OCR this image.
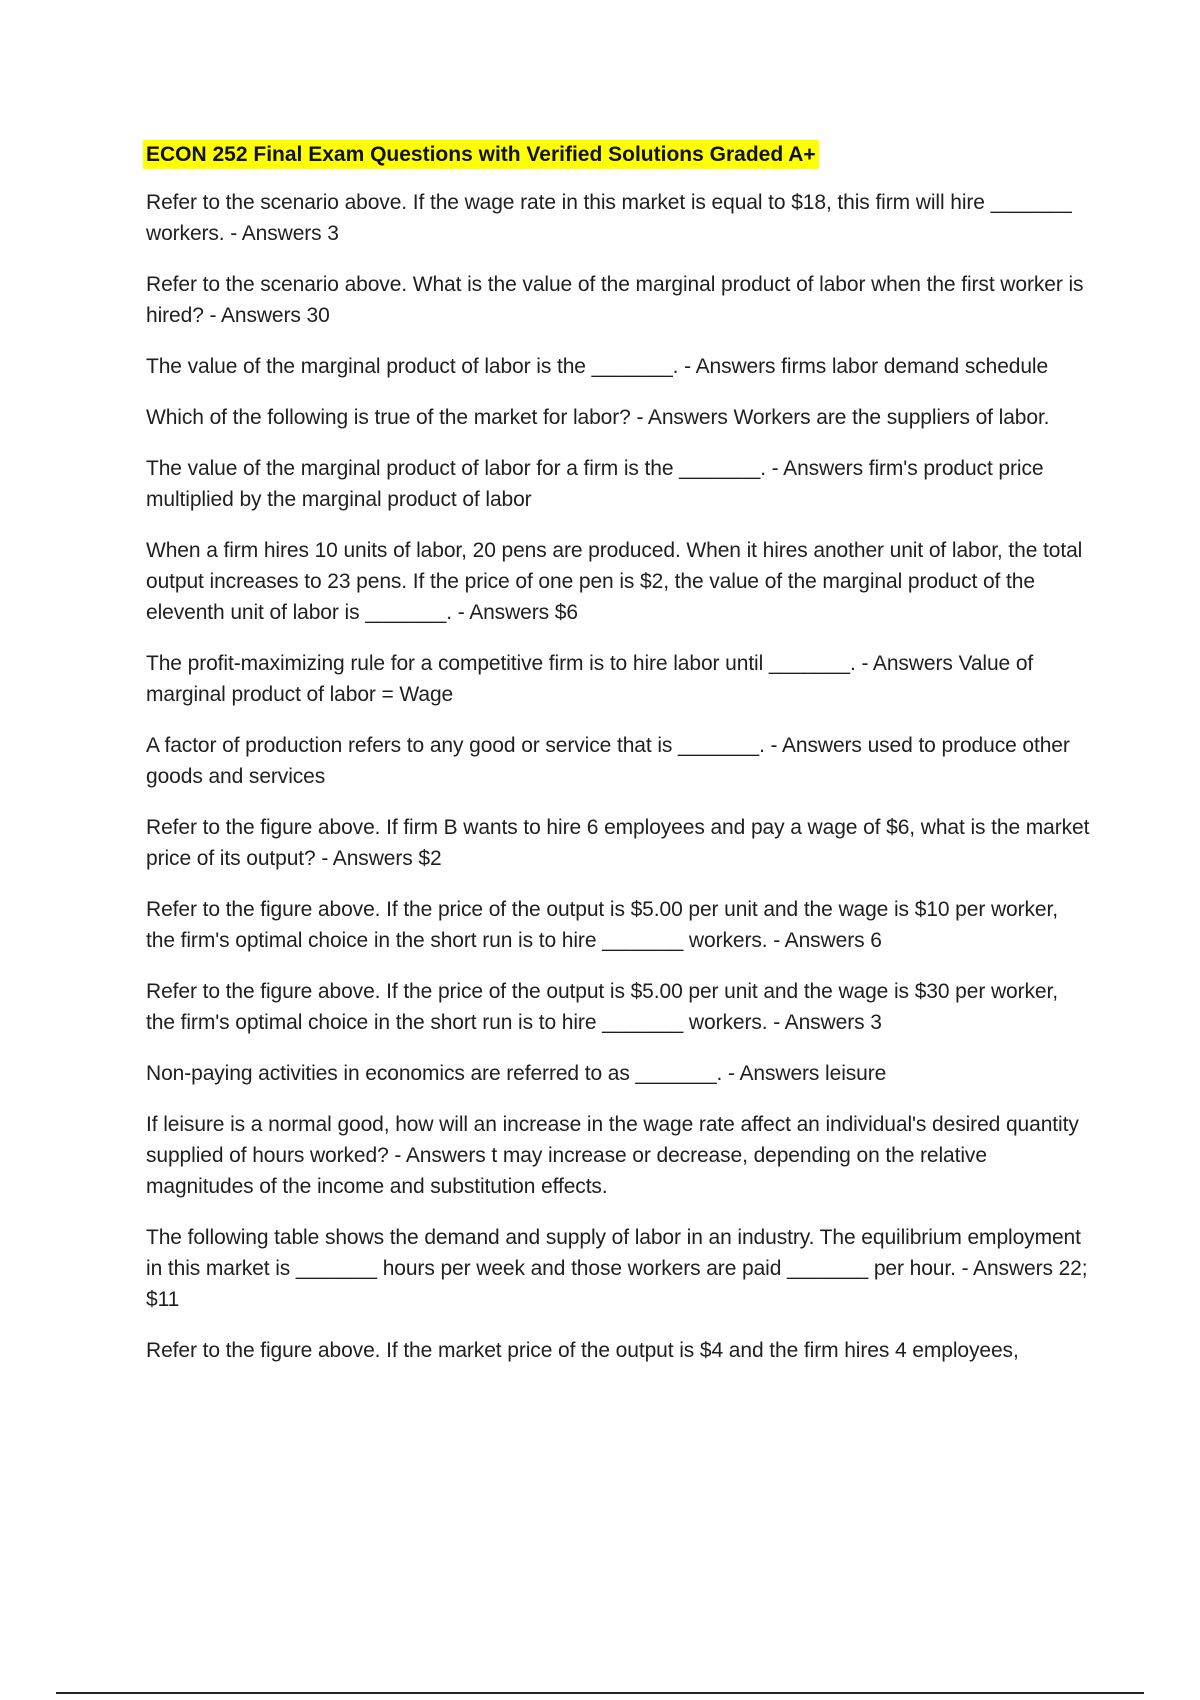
ECON 252 Final Exam Questions with Verified Solutions Graded A+

Refer to the scenario above. If the wage rate in this market is equal to $18, this firm will hire _______ workers. - Answers 3

Refer to the scenario above. What is the value of the marginal product of labor when the first worker is hired? - Answers 30

The value of the marginal product of labor is the _______. - Answers firms labor demand schedule

Which of the following is true of the market for labor? - Answers Workers are the suppliers of labor.

The value of the marginal product of labor for a firm is the _______. - Answers firm's product price multiplied by the marginal product of labor

When a firm hires 10 units of labor, 20 pens are produced. When it hires another unit of labor, the total output increases to 23 pens. If the price of one pen is $2, the value of the marginal product of the eleventh unit of labor is _______. - Answers $6

The profit-maximizing rule for a competitive firm is to hire labor until _______. - Answers Value of marginal product of labor = Wage

A factor of production refers to any good or service that is _______. - Answers used to produce other goods and services

Refer to the figure above. If firm B wants to hire 6 employees and pay a wage of $6, what is the market price of its output? - Answers $2

Refer to the figure above. If the price of the output is $5.00 per unit and the wage is $10 per worker, the firm's optimal choice in the short run is to hire _______ workers. - Answers 6

Refer to the figure above. If the price of the output is $5.00 per unit and the wage is $30 per worker, the firm's optimal choice in the short run is to hire _______ workers. - Answers 3

Non-paying activities in economics are referred to as _______. - Answers leisure

If leisure is a normal good, how will an increase in the wage rate affect an individual's desired quantity supplied of hours worked? - Answers t may increase or decrease, depending on the relative magnitudes of the income and substitution effects.

The following table shows the demand and supply of labor in an industry. The equilibrium employment in this market is _______ hours per week and those workers are paid _______ per hour. - Answers 22; $11

Refer to the figure above. If the market price of the output is $4 and the firm hires 4 employees,
